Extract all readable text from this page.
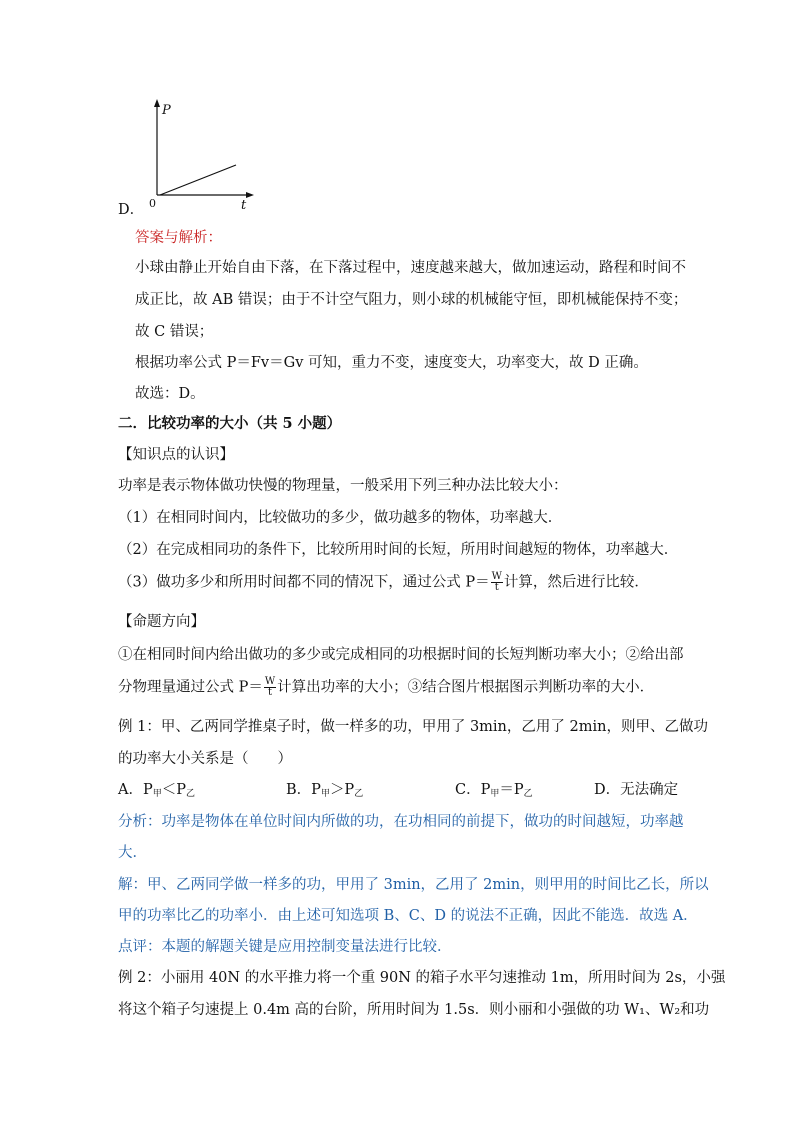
D．
P
t
0
答案与解析：
小球由静止开始自由下落，在下落过程中，速度越来越大，做加速运动，路程和时间不
成正比，故 AB 错误；由于不计空气阻力，则小球的机械能守恒，即机械能保持不变；
故 C 错误；
根据功率公式 P＝Fv＝Gv 可知，重力不变，速度变大，功率变大，故 D 正确。
故选：D。
二．比较功率的大小（共 5 小题）
【知识点的认识】
功率是表示物体做功快慢的物理量，一般采用下列三种办法比较大小：
（1）在相同时间内，比较做功的多少，做功越多的物体，功率越大．
（2）在完成相同功的条件下，比较所用时间的长短，所用时间越短的物体，功率越大．
（3）做功多少和所用时间都不同的情况下，通过公式 $P= \frac{W}{t}$ 计算，然后进行比较．
【命题方向】
①在相同时间内给出做功的多少或完成相同的功根据时间的长短判断功率大小；②给出部
分物理量通过公式 $P= \frac{W}{t}$ 计算出功率的大小；③结合图片根据图示判断功率的大小．
例 1：甲、乙两同学推桌子时，做一样多的功，甲用了 3min，乙用了 2min，则甲、乙做功
的功率大小关系是（　　）
A．$P_甲<P_乙$	B．$P_甲>P_乙$	C．$P_甲=P_乙$	D．无法确定
分析：功率是物体在单位时间内所做的功，在功相同的前提下，做功的时间越短，功率越
大．
解：甲、乙两同学做一样多的功，甲用了 3min，乙用了 2min，则甲用的时间比乙长，所以
甲的功率比乙的功率小．由上述可知选项 B、C、D 的说法不正确，因此不能选．故选 A．
点评：本题的解题关键是应用控制变量法进行比较．
例 2：小丽用 40N 的水平推力将一个重 90N 的箱子水平匀速推动 1m，所用时间为 2s，小强
将这个箱子匀速提上 0.4m 高的台阶，所用时间为 1.5s．则小丽和小强做的功 W₁、W₂和功
